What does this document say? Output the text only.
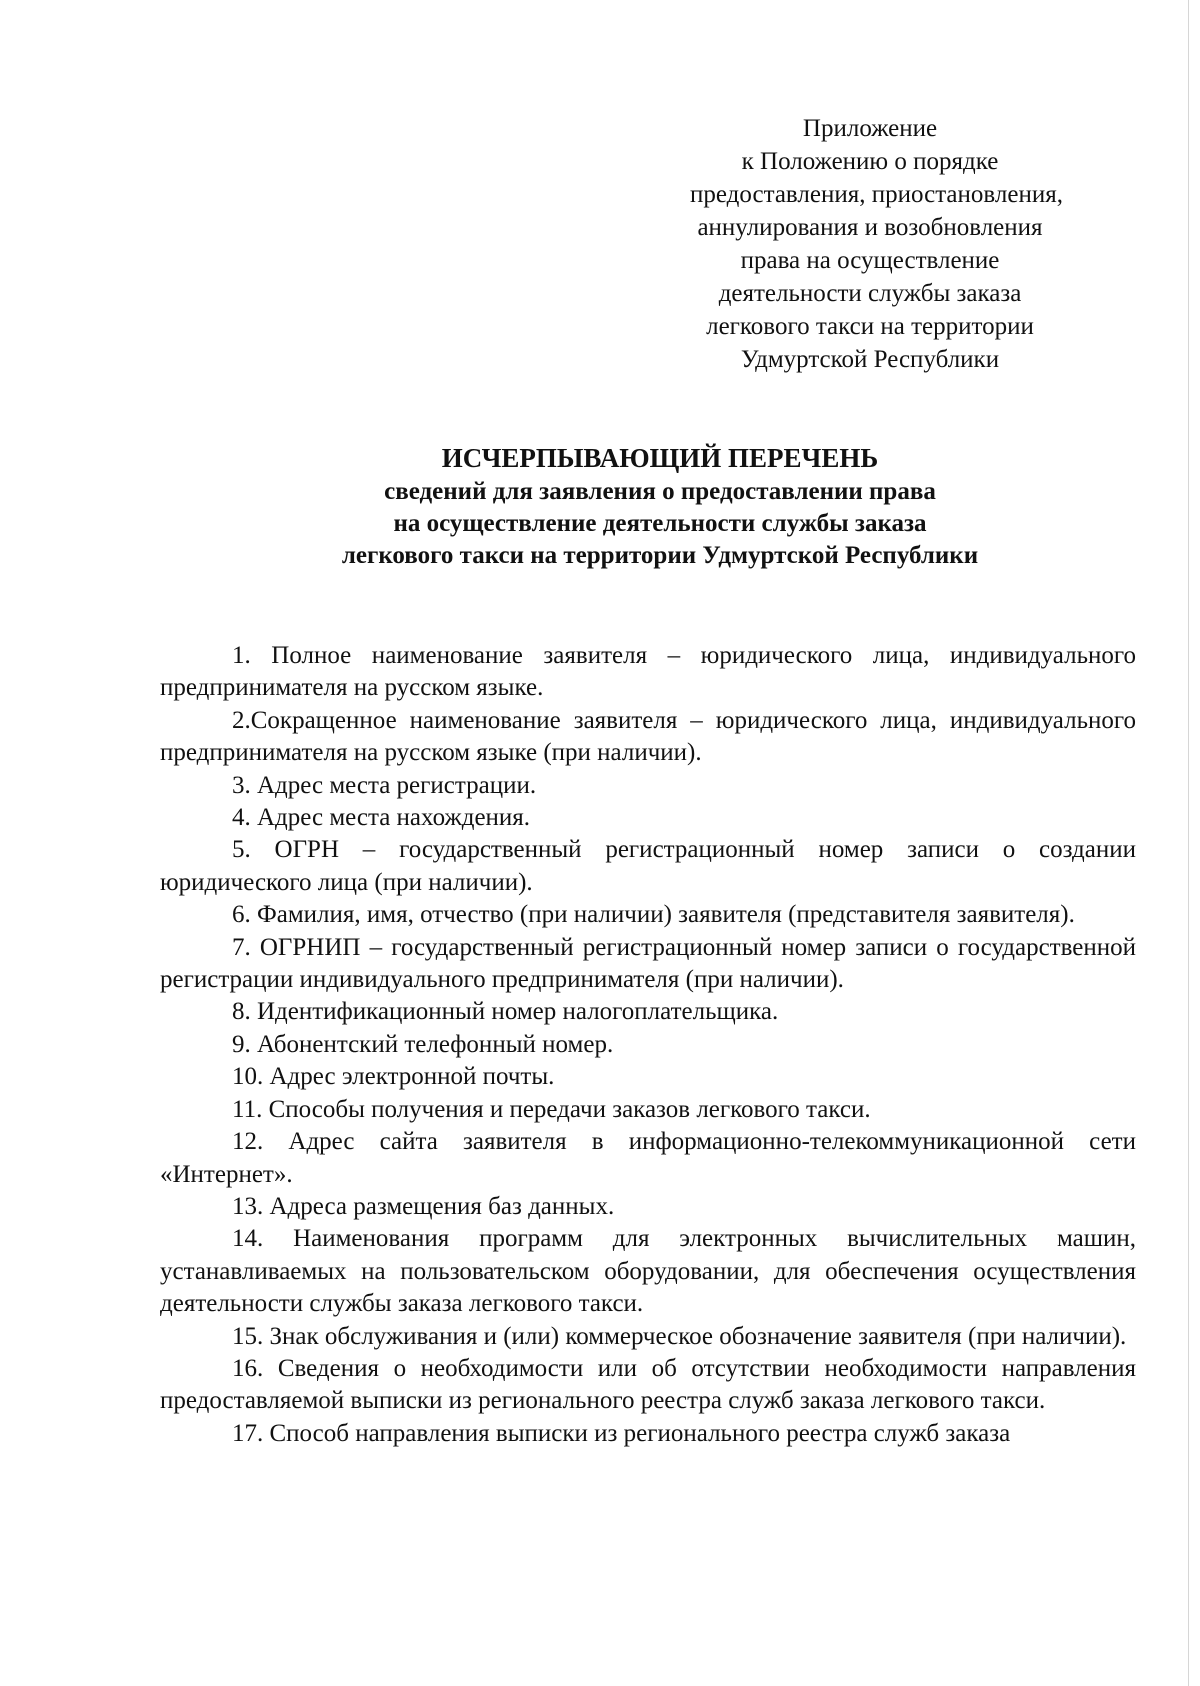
Приложение
к Положению о порядке
предоставления, приостановления,
аннулирования и возобновления
права на осуществление
деятельности службы заказа
легкового такси на территории
Удмуртской Республики
ИСЧЕРПЫВАЮЩИЙ ПЕРЕЧЕНЬ
сведений для заявления о предоставлении права
на осуществление деятельности службы заказа
легкового такси на территории Удмуртской Республики

1. Полное наименование заявителя – юридического лица, индивидуального предпринимателя на русском языке.

2.Сокращенное наименование заявителя – юридического лица, индивидуального предпринимателя на русском языке (при наличии).

3. Адрес места регистрации.

4. Адрес места нахождения.

5. ОГРН – государственный регистрационный номер записи о создании юридического лица (при наличии).

6. Фамилия, имя, отчество (при наличии) заявителя (представителя заявителя).

7. ОГРНИП – государственный регистрационный номер записи о государственной регистрации индивидуального предпринимателя (при наличии).

8. Идентификационный номер налогоплательщика.

9. Абонентский телефонный номер.

10. Адрес электронной почты.

11. Способы получения и передачи заказов легкового такси.

12. Адрес сайта заявителя в информационно-телекоммуникационной сети «Интернет».

13. Адреса размещения баз данных.

14. Наименования программ для электронных вычислительных машин, устанавливаемых на пользовательском оборудовании, для обеспечения осуществления деятельности службы заказа легкового такси.

15. Знак обслуживания и (или) коммерческое обозначение заявителя (при наличии).

16. Сведения о необходимости или об отсутствии необходимости направления предоставляемой выписки из регионального реестра служб заказа легкового такси.

17. Способ направления выписки из регионального реестра служб заказа
